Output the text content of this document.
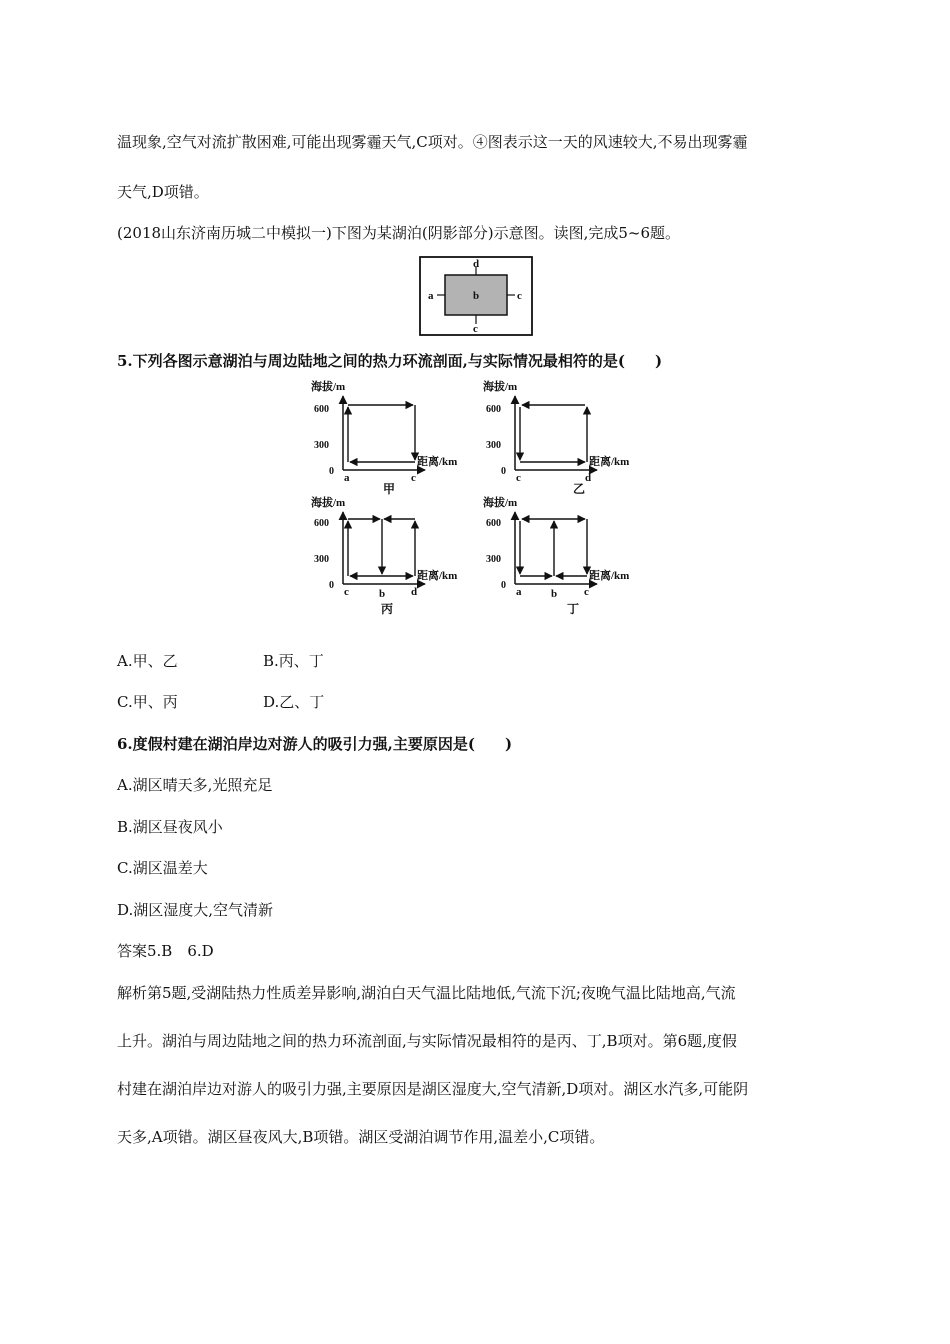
温现象,空气对流扩散困难,可能出现雾霾天气,C项对。④图表示这一天的风速较大,不易出现雾霾
天气,D项错。
(2018山东济南历城二中模拟一)下图为某湖泊(阴影部分)示意图。读图,完成5~6题。
d
b
a	c
c
5.下列各图示意湖泊与周边陆地之间的热力环流剖面,与实际情况最相符的是(　　)
海拔/m
600
300
0
距离/km
a	c
甲
海拔/m
600
300
0
距离/km
c	d
乙
海拔/m
600
300
0
距离/km
c	b d
丙
海拔/m
600
300
0
距离/km
a	b c
丁
A.甲、乙	B.丙、丁
C.甲、丙	D.乙、丁
6.度假村建在湖泊岸边对游人的吸引力强,主要原因是(　　)
A.湖区晴天多,光照充足
B.湖区昼夜风小
C.湖区温差大
D.湖区湿度大,空气清新
答案5.B　6.D
解析第5题,受湖陆热力性质差异影响,湖泊白天气温比陆地低,气流下沉;夜晚气温比陆地高,气流
上升。湖泊与周边陆地之间的热力环流剖面,与实际情况最相符的是丙、丁,B项对。第6题,度假
村建在湖泊岸边对游人的吸引力强,主要原因是湖区湿度大,空气清新,D项对。湖区水汽多,可能阴
天多,A项错。湖区昼夜风大,B项错。湖区受湖泊调节作用,温差小,C项错。
